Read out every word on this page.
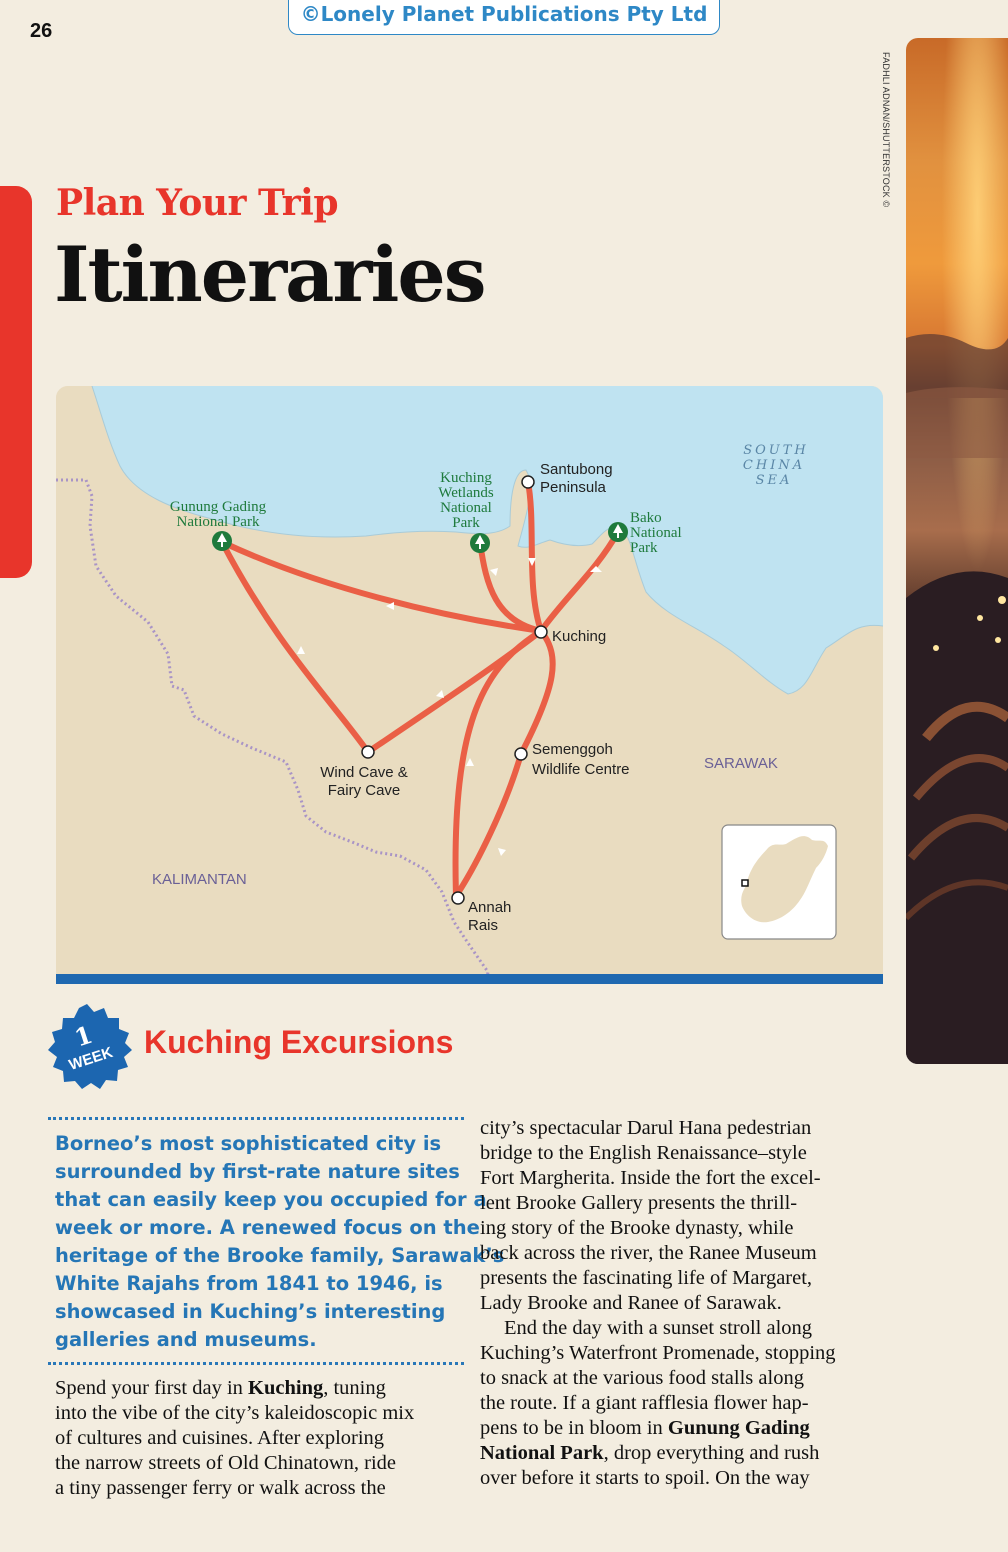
©Lonely Planet Publications Pty Ltd
26
FADHLI ADNAN/SHUTTERSTOCK ©
Plan Your Trip
Itineraries
Gunung Gading
National Park
Kuching
Wetlands
National
Park	Bako
National
Park
Santubong
Peninsula
Kuching
Semenggoh
Wildlife Centre
Wind Cave &
Fairy Cave
Annah
Rais
SARAWAK
KALIMANTAN
SOUTH
CHINA
SEA
1
WEEK Kuching Excursions
Borneo’s most sophisticated city is
surrounded by first-rate nature sites
that can easily keep you occupied for a
week or more. A renewed focus on the
heritage of the Brooke family, Sarawak’s
White Rajahs from 1841 to 1946, is
showcased in Kuching’s interesting
galleries and museums.
Spend your first day in Kuching, tuning
into the vibe of the city’s kaleidoscopic mix
of cultures and cuisines. After exploring
the narrow streets of Old Chinatown, ride
a tiny passenger ferry or walk across the
city’s spectacular Darul Hana pedestrian
bridge to the English Renaissance–style
Fort Margherita. Inside the fort the excel-
lent Brooke Gallery presents the thrill-
ing story of the Brooke dynasty, while
back across the river, the Ranee Museum
presents the fascinating life of Margaret,
Lady Brooke and Ranee of Sarawak.
End the day with a sunset stroll along
Kuching’s Waterfront Promenade, stopping
to snack at the various food stalls along
the route. If a giant rafflesia flower hap-
pens to be in bloom in Gunung Gading
National Park, drop everything and rush
over before it starts to spoil. On the way
